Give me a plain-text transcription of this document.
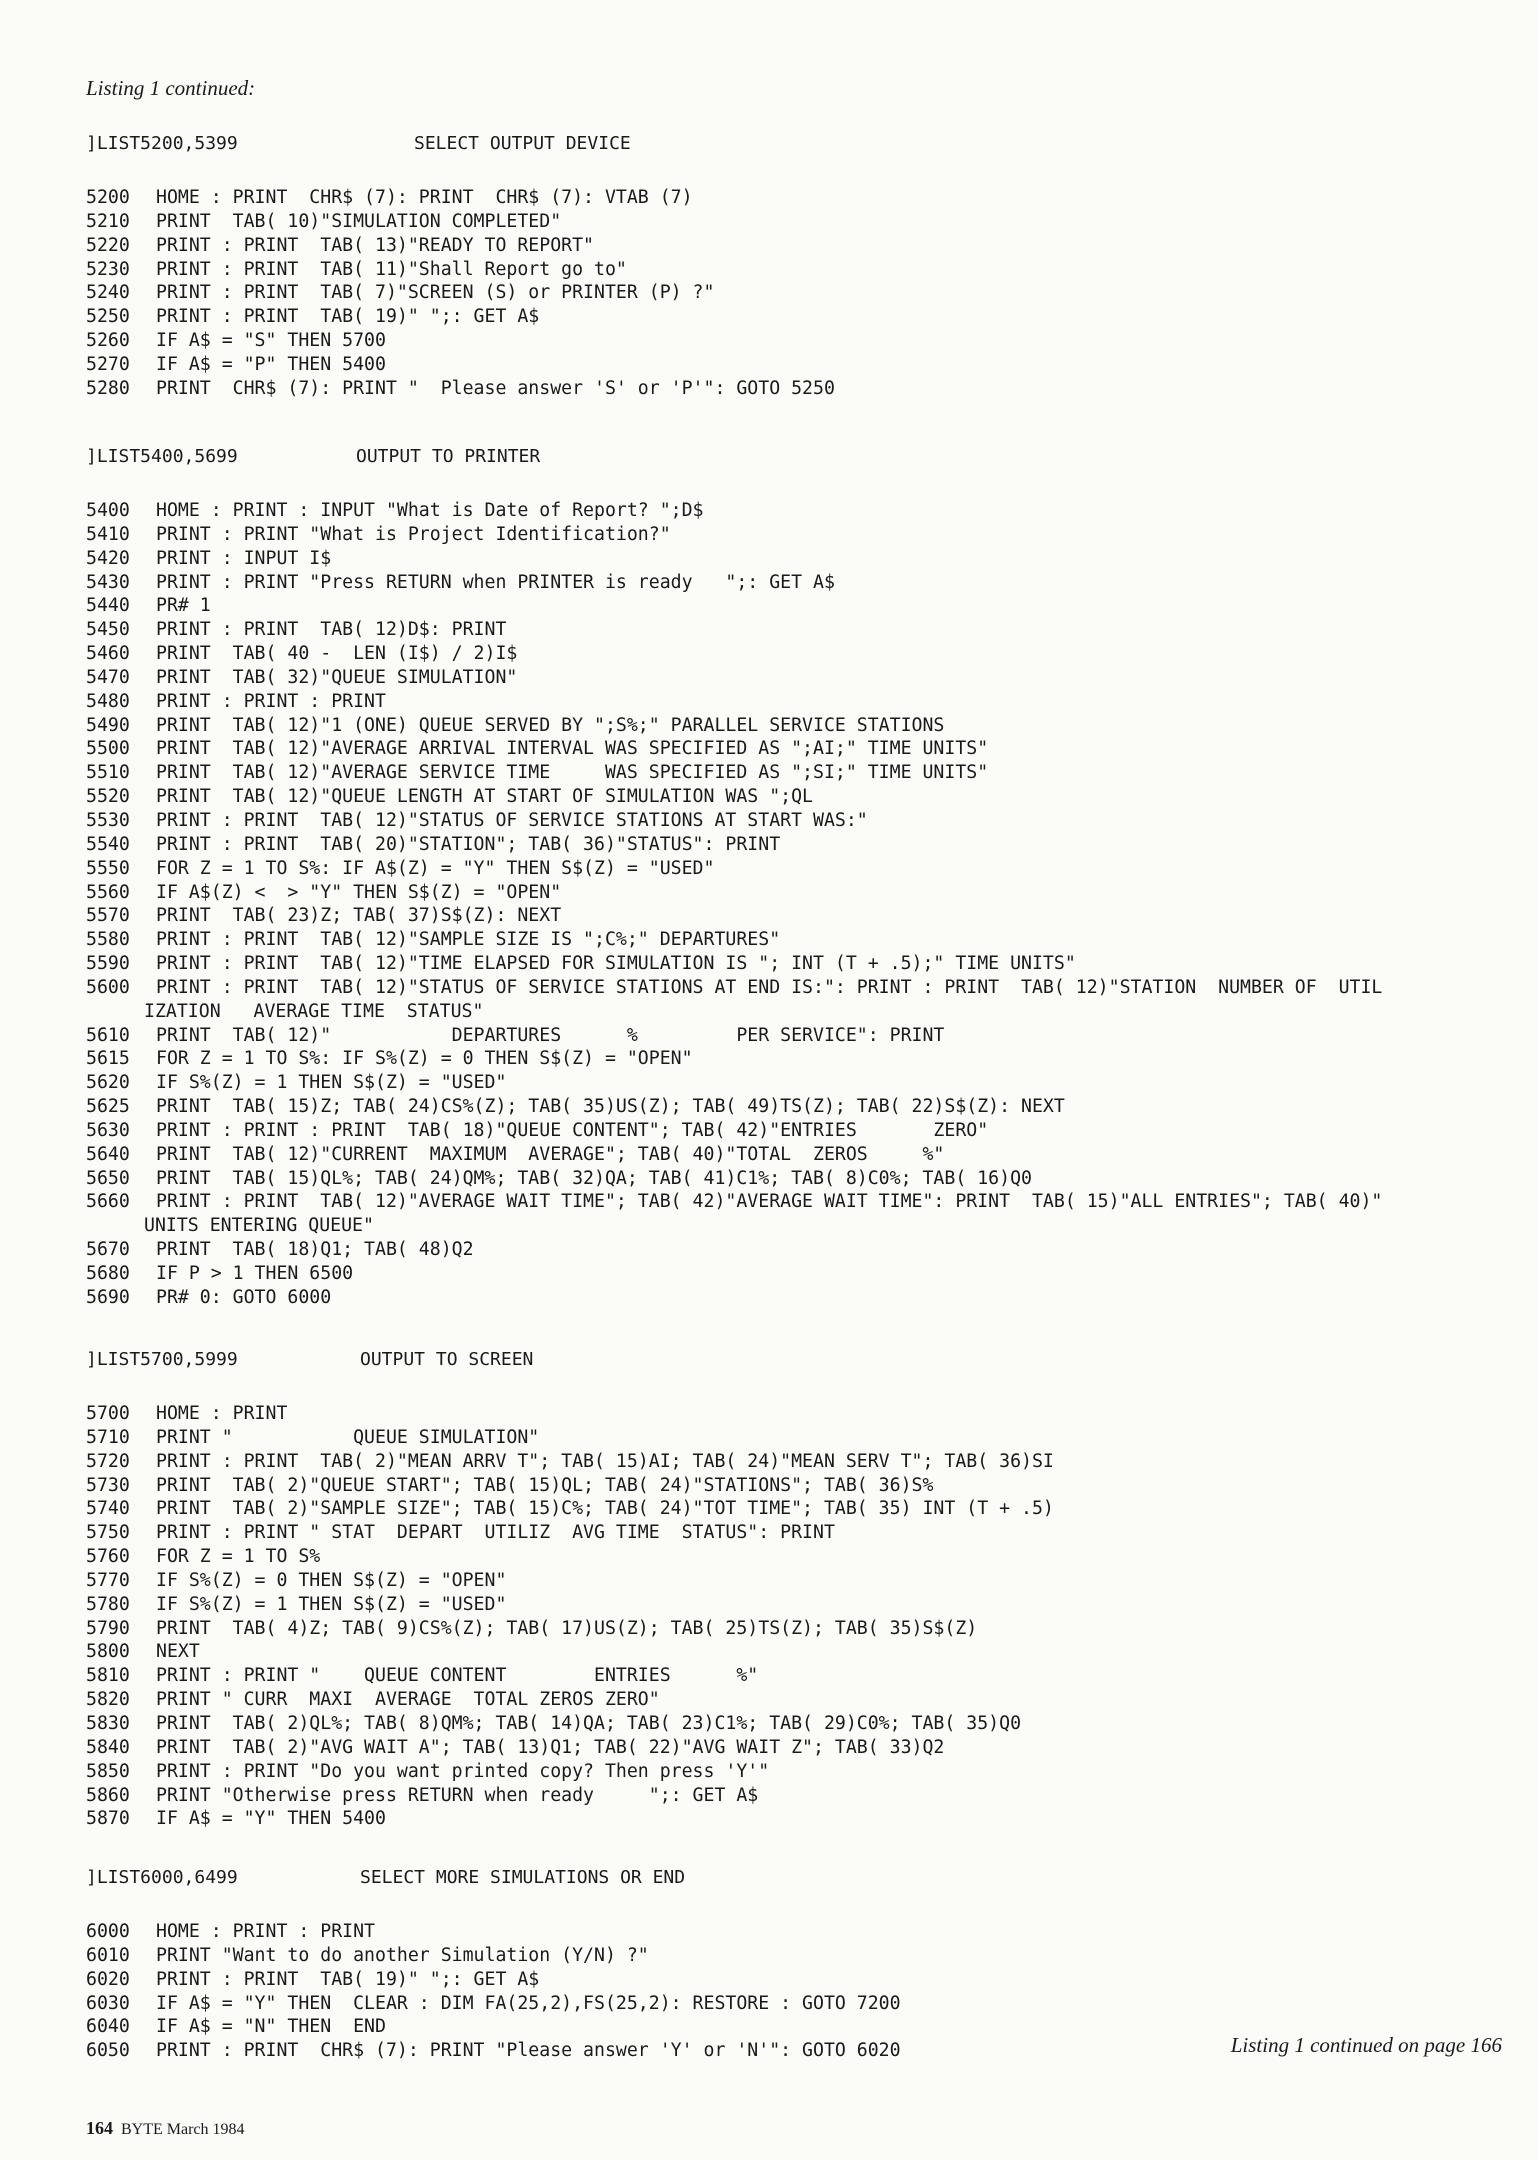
Listing 1 continued:
]LIST5200,5399	SELECT OUTPUT DEVICE
5200	HOME : PRINT  CHR$ (7): PRINT  CHR$ (7): VTAB (7)
5210	PRINT  TAB( 10)"SIMULATION COMPLETED"
5220	PRINT : PRINT  TAB( 13)"READY TO REPORT"
5230	PRINT : PRINT  TAB( 11)"Shall Report go to"
5240	PRINT : PRINT  TAB( 7)"SCREEN (S) or PRINTER (P) ?"
5250	PRINT : PRINT  TAB( 19)" ";: GET A$
5260	IF A$ = "S" THEN 5700
5270	IF A$ = "P" THEN 5400
5280	PRINT  CHR$ (7): PRINT "  Please answer 'S' or 'P'": GOTO 5250
]LIST5400,5699	OUTPUT TO PRINTER
5400	HOME : PRINT : INPUT "What is Date of Report? ";D$
5410	PRINT : PRINT "What is Project Identification?"
5420	PRINT : INPUT I$
5430	PRINT : PRINT "Press RETURN when PRINTER is ready   ";: GET A$
5440	PR# 1
5450	PRINT : PRINT  TAB( 12)D$: PRINT
5460	PRINT  TAB( 40 -  LEN (I$) / 2)I$
5470	PRINT  TAB( 32)"QUEUE SIMULATION"
5480	PRINT : PRINT : PRINT
5490	PRINT  TAB( 12)"1 (ONE) QUEUE SERVED BY ";S%;" PARALLEL SERVICE STATIONS
5500	PRINT  TAB( 12)"AVERAGE ARRIVAL INTERVAL WAS SPECIFIED AS ";AI;" TIME UNITS"
5510	PRINT  TAB( 12)"AVERAGE SERVICE TIME     WAS SPECIFIED AS ";SI;" TIME UNITS"
5520	PRINT  TAB( 12)"QUEUE LENGTH AT START OF SIMULATION WAS ";QL
5530	PRINT : PRINT  TAB( 12)"STATUS OF SERVICE STATIONS AT START WAS:"
5540	PRINT : PRINT  TAB( 20)"STATION"; TAB( 36)"STATUS": PRINT
5550	FOR Z = 1 TO S%: IF A$(Z) = "Y" THEN S$(Z) = "USED"
5560	IF A$(Z) <  > "Y" THEN S$(Z) = "OPEN"
5570	PRINT  TAB( 23)Z; TAB( 37)S$(Z): NEXT
5580	PRINT : PRINT  TAB( 12)"SAMPLE SIZE IS ";C%;" DEPARTURES"
5590	PRINT : PRINT  TAB( 12)"TIME ELAPSED FOR SIMULATION IS "; INT (T + .5);" TIME UNITS"
5600	PRINT : PRINT  TAB( 12)"STATUS OF SERVICE STATIONS AT END IS:": PRINT : PRINT  TAB( 12)"STATION  NUMBER OF  UTIL
IZATION   AVERAGE TIME  STATUS"
5610	PRINT  TAB( 12)"           DEPARTURES      %         PER SERVICE": PRINT
5615	FOR Z = 1 TO S%: IF S%(Z) = 0 THEN S$(Z) = "OPEN"
5620	IF S%(Z) = 1 THEN S$(Z) = "USED"
5625	PRINT  TAB( 15)Z; TAB( 24)CS%(Z); TAB( 35)US(Z); TAB( 49)TS(Z); TAB( 22)S$(Z): NEXT
5630	PRINT : PRINT : PRINT  TAB( 18)"QUEUE CONTENT"; TAB( 42)"ENTRIES       ZERO"
5640	PRINT  TAB( 12)"CURRENT  MAXIMUM  AVERAGE"; TAB( 40)"TOTAL  ZEROS     %"
5650	PRINT  TAB( 15)QL%; TAB( 24)QM%; TAB( 32)QA; TAB( 41)C1%; TAB( 8)C0%; TAB( 16)Q0
5660	PRINT : PRINT  TAB( 12)"AVERAGE WAIT TIME"; TAB( 42)"AVERAGE WAIT TIME": PRINT  TAB( 15)"ALL ENTRIES"; TAB( 40)"
UNITS ENTERING QUEUE"
5670	PRINT  TAB( 18)Q1; TAB( 48)Q2
5680	IF P > 1 THEN 6500
5690	PR# 0: GOTO 6000
]LIST5700,5999	OUTPUT TO SCREEN
5700	HOME : PRINT
5710	PRINT "           QUEUE SIMULATION"
5720	PRINT : PRINT  TAB( 2)"MEAN ARRV T"; TAB( 15)AI; TAB( 24)"MEAN SERV T"; TAB( 36)SI
5730	PRINT  TAB( 2)"QUEUE START"; TAB( 15)QL; TAB( 24)"STATIONS"; TAB( 36)S%
5740	PRINT  TAB( 2)"SAMPLE SIZE"; TAB( 15)C%; TAB( 24)"TOT TIME"; TAB( 35) INT (T + .5)
5750	PRINT : PRINT " STAT  DEPART  UTILIZ  AVG TIME  STATUS": PRINT
5760	FOR Z = 1 TO S%
5770	IF S%(Z) = 0 THEN S$(Z) = "OPEN"
5780	IF S%(Z) = 1 THEN S$(Z) = "USED"
5790	PRINT  TAB( 4)Z; TAB( 9)CS%(Z); TAB( 17)US(Z); TAB( 25)TS(Z); TAB( 35)S$(Z)
5800	NEXT
5810	PRINT : PRINT "    QUEUE CONTENT        ENTRIES      %"
5820	PRINT " CURR  MAXI  AVERAGE  TOTAL ZEROS ZERO"
5830	PRINT  TAB( 2)QL%; TAB( 8)QM%; TAB( 14)QA; TAB( 23)C1%; TAB( 29)C0%; TAB( 35)Q0
5840	PRINT  TAB( 2)"AVG WAIT A"; TAB( 13)Q1; TAB( 22)"AVG WAIT Z"; TAB( 33)Q2
5850	PRINT : PRINT "Do you want printed copy? Then press 'Y'"
5860	PRINT "Otherwise press RETURN when ready     ";: GET A$
5870	IF A$ = "Y" THEN 5400
]LIST6000,6499	SELECT MORE SIMULATIONS OR END
6000	HOME : PRINT : PRINT
6010	PRINT "Want to do another Simulation (Y/N) ?"
6020	PRINT : PRINT  TAB( 19)" ";: GET A$
6030	IF A$ = "Y" THEN  CLEAR : DIM FA(25,2),FS(25,2): RESTORE : GOTO 7200
6040	IF A$ = "N" THEN  END
6050	PRINT : PRINT  CHR$ (7): PRINT "Please answer 'Y' or 'N'": GOTO 6020	Listing 1 continued on page 166
164 BYTE March 1984
